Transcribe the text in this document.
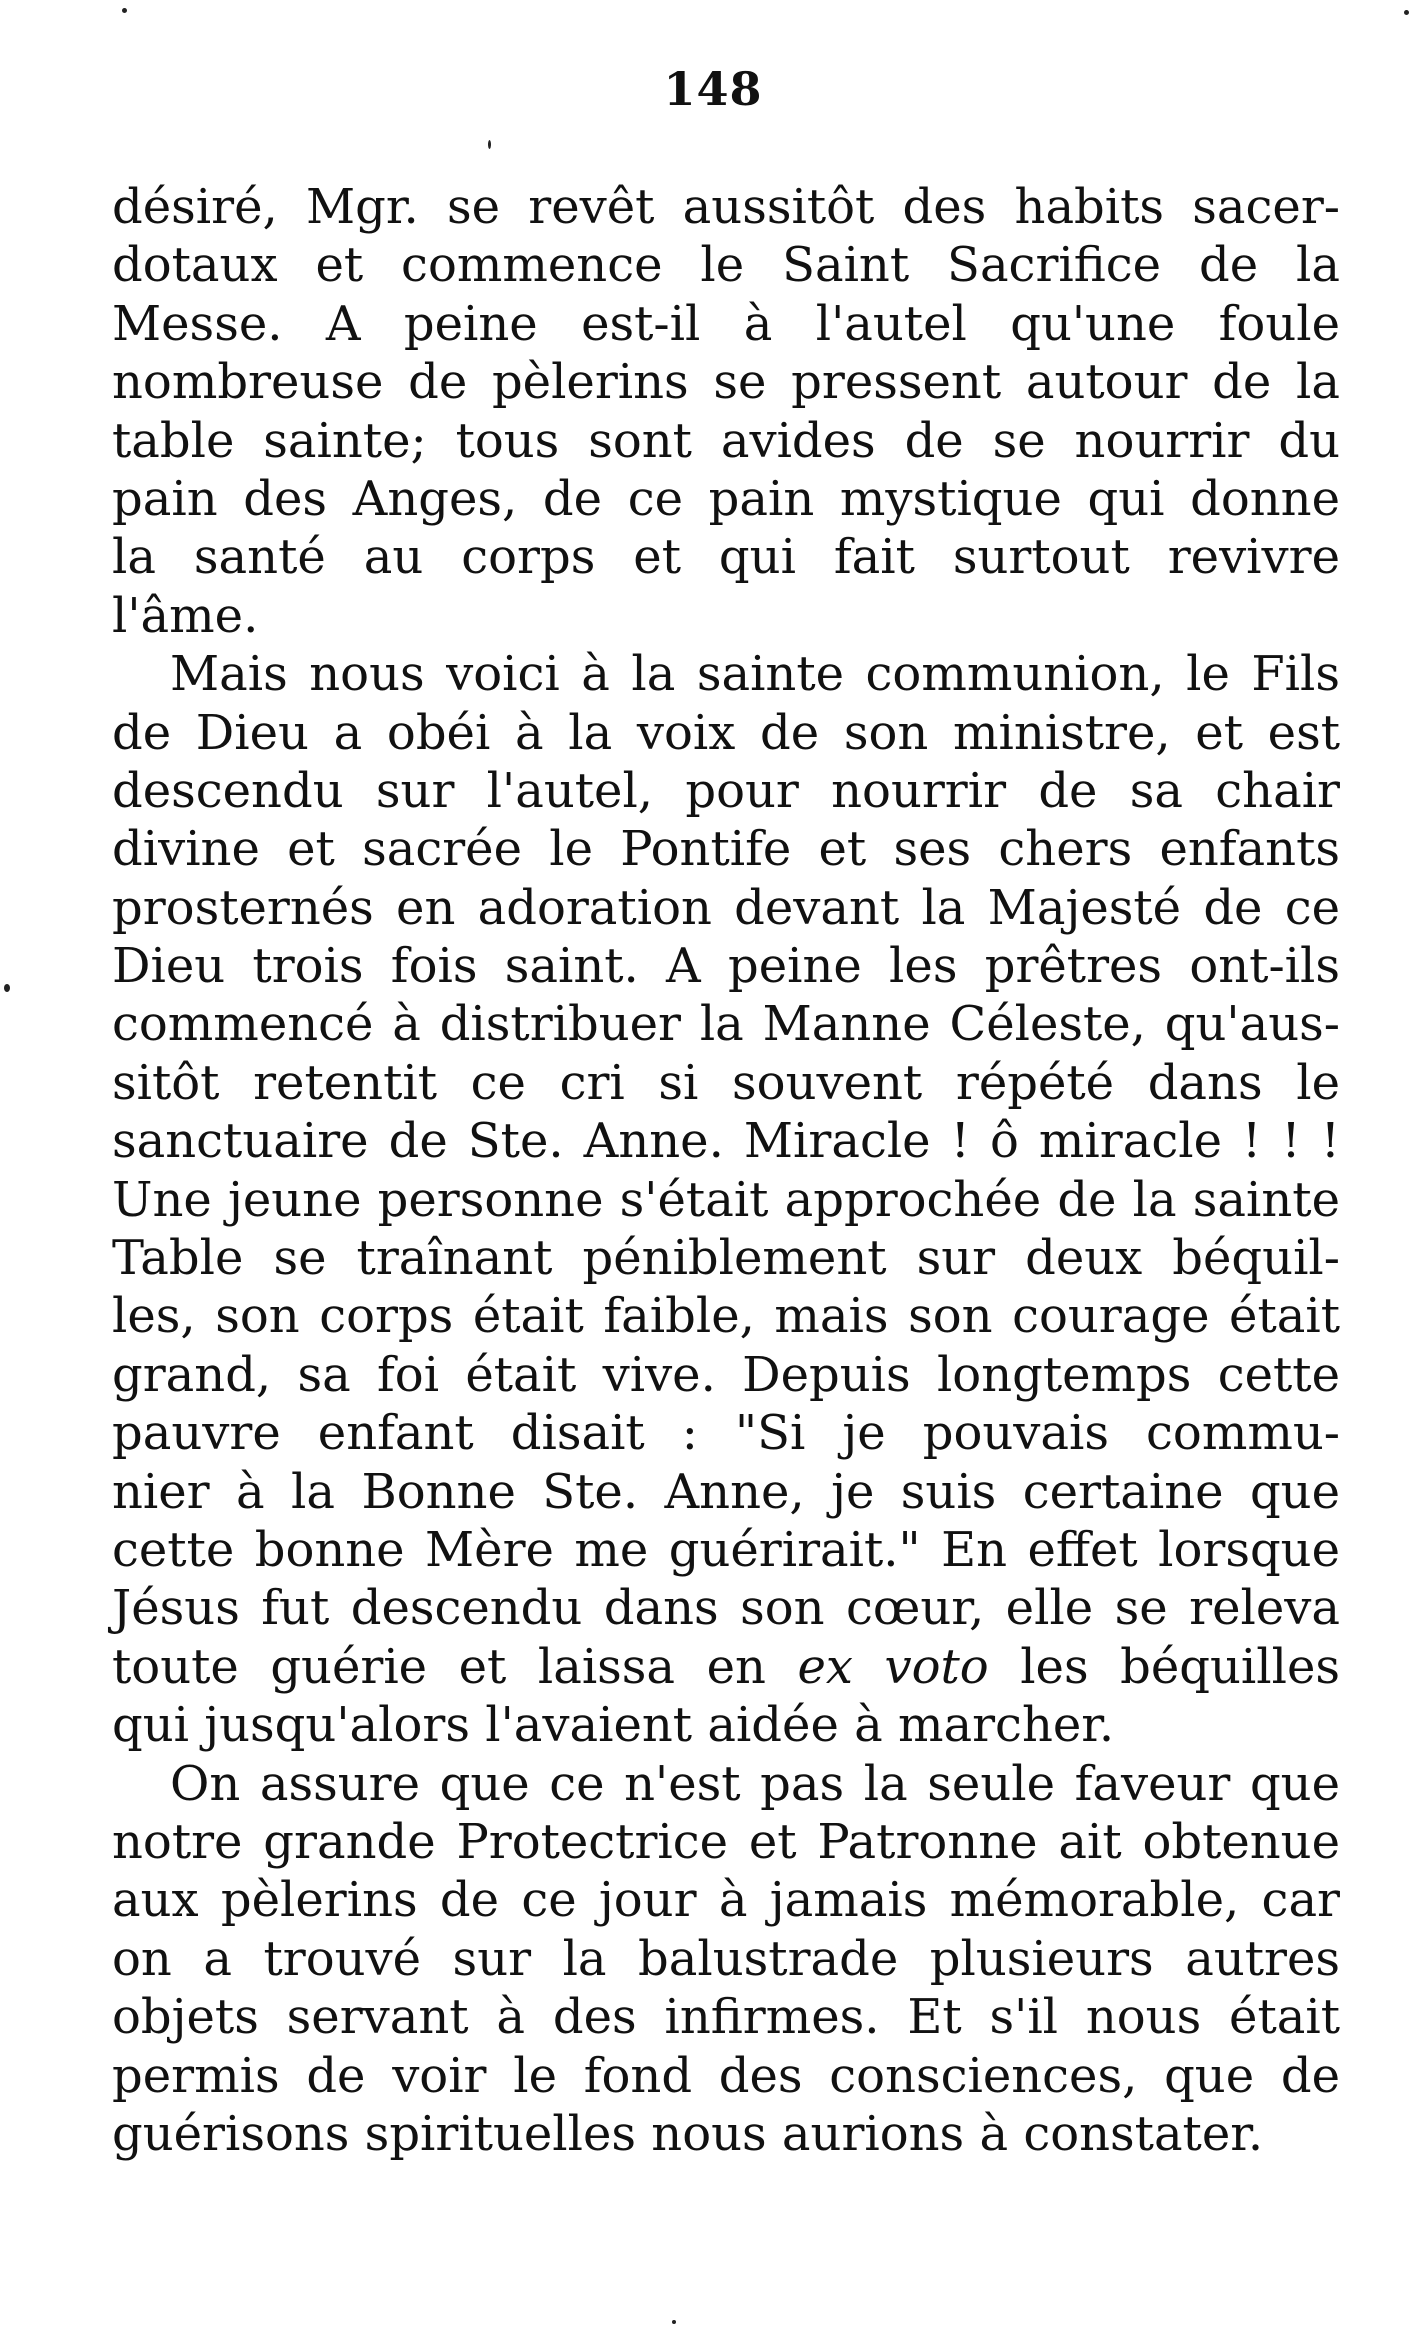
148
désiré, Mgr. se revêt aussitôt des habits sacer-
dotaux et commence le Saint Sacrifice de la
Messe. A peine est-il à l'autel qu'une foule
nombreuse de pèlerins se pressent autour de la
table sainte; tous sont avides de se nourrir du
pain des Anges, de ce pain mystique qui donne
la santé au corps et qui fait surtout revivre
l'âme.
Mais nous voici à la sainte communion, le Fils
de Dieu a obéi à la voix de son ministre, et est
descendu sur l'autel, pour nourrir de sa chair
divine et sacrée le Pontife et ses chers enfants
prosternés en adoration devant la Majesté de ce
Dieu trois fois saint. A peine les prêtres ont-ils
commencé à distribuer la Manne Céleste, qu'aus-
sitôt retentit ce cri si souvent répété dans le
sanctuaire de Ste. Anne. Miracle ! ô miracle ! ! !
Une jeune personne s'était approchée de la sainte
Table se traînant péniblement sur deux béquil-
les, son corps était faible, mais son courage était
grand, sa foi était vive. Depuis longtemps cette
pauvre enfant disait : "Si je pouvais commu-
nier à la Bonne Ste. Anne, je suis certaine que
cette bonne Mère me guérirait." En effet lorsque
Jésus fut descendu dans son cœur, elle se releva
toute guérie et laissa en ex voto les béquilles
qui jusqu'alors l'avaient aidée à marcher.
On assure que ce n'est pas la seule faveur que
notre grande Protectrice et Patronne ait obtenue
aux pèlerins de ce jour à jamais mémorable, car
on a trouvé sur la balustrade plusieurs autres
objets servant à des infirmes. Et s'il nous était
permis de voir le fond des consciences, que de
guérisons spirituelles nous aurions à constater.
